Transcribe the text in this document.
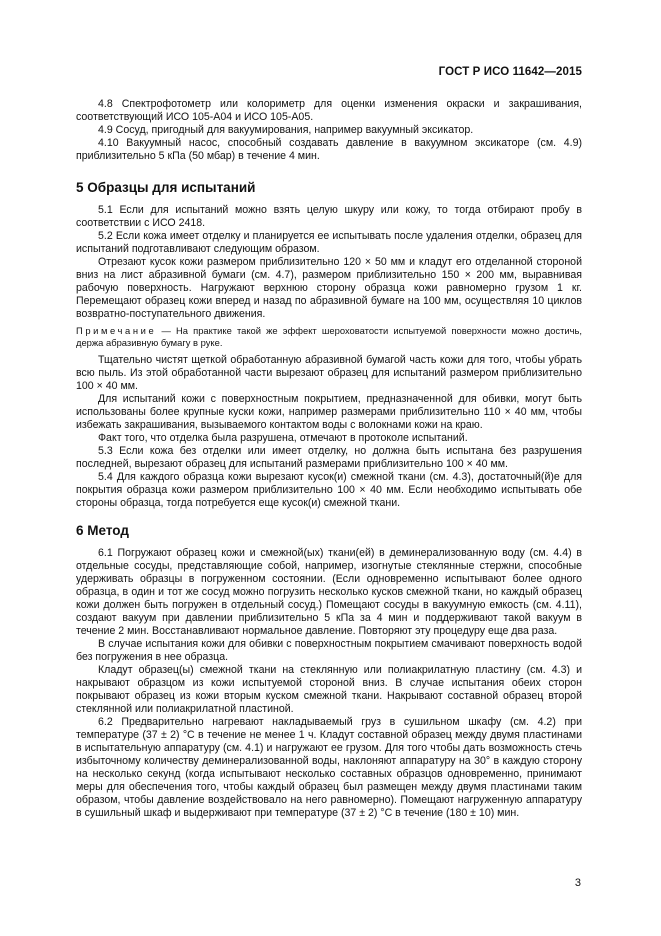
ГОСТ Р ИСО 11642—2015

4.8 Спектрофотометр или колориметр для оценки изменения окраски и закрашивания, соответствующий ИСО 105-A04 и ИСО 105-A05.

4.9 Сосуд, пригодный для вакуумирования, например вакуумный эксикатор.

4.10 Вакуумный насос, способный создавать давление в вакуумном эксикаторе (см. 4.9) приблизительно 5 кПа (50 мбар) в течение 4 мин.

5 Образцы для испытаний

5.1 Если для испытаний можно взять целую шкуру или кожу, то тогда отбирают пробу в соответствии с ИСО 2418.

5.2 Если кожа имеет отделку и планируется ее испытывать после удаления отделки, образец для испытаний подготавливают следующим образом.

Отрезают кусок кожи размером приблизительно 120 × 50 мм и кладут его отделанной стороной вниз на лист абразивной бумаги (см. 4.7), размером приблизительно 150 × 200 мм, выравнивая рабочую поверхность. Нагружают верхнюю сторону образца кожи равномерно грузом 1 кг. Перемещают образец кожи вперед и назад по абразивной бумаге на 100 мм, осуществляя 10 циклов возвратно-поступательного движения.

Примечание — На практике такой же эффект шероховатости испытуемой поверхности можно достичь, держа абразивную бумагу в руке.

Тщательно чистят щеткой обработанную абразивной бумагой часть кожи для того, чтобы убрать всю пыль. Из этой обработанной части вырезают образец для испытаний размером приблизительно 100 × 40 мм.

Для испытаний кожи с поверхностным покрытием, предназначенной для обивки, могут быть использованы более крупные куски кожи, например размерами приблизительно 110 × 40 мм, чтобы избежать закрашивания, вызываемого контактом воды с волокнами кожи на краю.

Факт того, что отделка была разрушена, отмечают в протоколе испытаний.

5.3 Если кожа без отделки или имеет отделку, но должна быть испытана без разрушения последней, вырезают образец для испытаний размерами приблизительно 100 × 40 мм.

5.4 Для каждого образца кожи вырезают кусок(и) смежной ткани (см. 4.3), достаточный(й)е для покрытия образца кожи размером приблизительно 100 × 40 мм. Если необходимо испытывать обе стороны образца, тогда потребуется еще кусок(и) смежной ткани.

6 Метод

6.1 Погружают образец кожи и смежной(ых) ткани(ей) в деминерализованную воду (см. 4.4) в отдельные сосуды, представляющие собой, например, изогнутые стеклянные стержни, способные удерживать образцы в погруженном состоянии. (Если одновременно испытывают более одного образца, в один и тот же сосуд можно погрузить несколько кусков смежной ткани, но каждый образец кожи должен быть погружен в отдельный сосуд.) Помещают сосуды в вакуумную емкость (см. 4.11), создают вакуум при давлении приблизительно 5 кПа за 4 мин и поддерживают такой вакуум в течение 2 мин. Восстанавливают нормальное давление. Повторяют эту процедуру еще два раза.

В случае испытания кожи для обивки с поверхностным покрытием смачивают поверхность водой без погружения в нее образца.

Кладут образец(ы) смежной ткани на стеклянную или полиакрилатную пластину (см. 4.3) и накрывают образцом из кожи испытуемой стороной вниз. В случае испытания обеих сторон покрывают образец из кожи вторым куском смежной ткани. Накрывают составной образец второй стеклянной или полиакрилатной пластиной.

6.2 Предварительно нагревают накладываемый груз в сушильном шкафу (см. 4.2) при температуре (37 ± 2) °C в течение не менее 1 ч. Кладут составной образец между двумя пластинами в испытательную аппаратуру (см. 4.1) и нагружают ее грузом. Для того чтобы дать возможность стечь избыточному количеству деминерализованной воды, наклоняют аппаратуру на 30° в каждую сторону на несколько секунд (когда испытывают несколько составных образцов одновременно, принимают меры для обеспечения того, чтобы каждый образец был размещен между двумя пластинами таким образом, чтобы давление воздействовало на него равномерно). Помещают нагруженную аппаратуру в сушильный шкаф и выдерживают при температуре (37 ± 2) °C в течение (180 ± 10) мин.

3
